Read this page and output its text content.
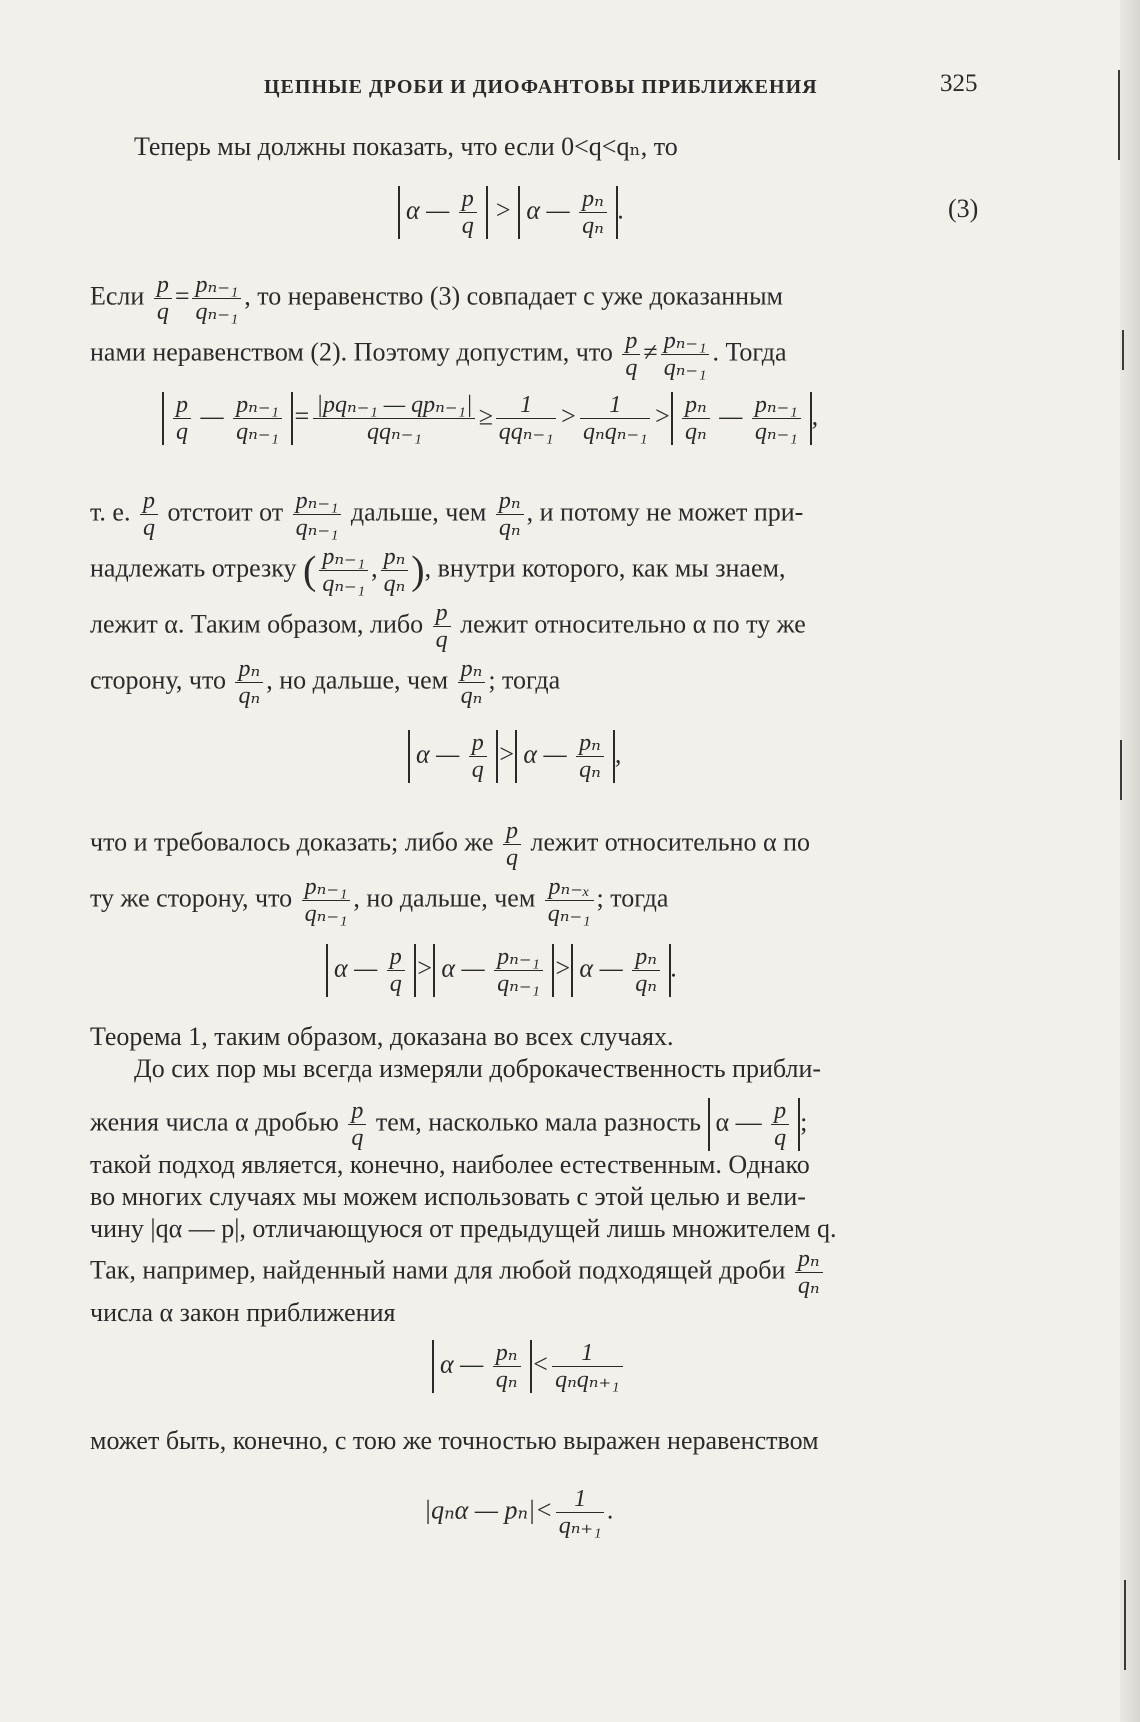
ЦЕПНЫЕ ДРОБИ И ДИОФАНТОВЫ ПРИБЛИЖЕНИЯ	325
Теперь мы должны показать, что если 0<q<qₙ, то
α — $\frac{p}{q} > \alpha$ — $\frac{\text{pₙ}}{\text{qₙ}}$ .	(3)
Если $\frac{p}{q} = \frac{\text{pₙ₋₁}}{\text{qₙ₋₁}}$ , то неравенство (3) совпадает с уже доказанным
нами неравенством (2). Поэтому допустим, что $\frac{p}{q} \ne \frac{\text{pₙ₋₁}}{\text{qₙ₋₁}}$ . Тогда
$\frac{p}{q}$ — $\frac{\text{pₙ₋₁}}{\text{qₙ₋₁}} = \frac{\text{|pqₙ₋₁ — qpₙ₋₁|}}{\text{qqₙ₋₁}} \ge \frac{1}{\text{qqₙ₋₁}} > \frac{1}{\text{qₙqₙ₋₁}} > \frac{\text{pₙ}}{\text{qₙ}}$ — $\frac{\text{pₙ₋₁}}{\text{qₙ₋₁}}$ ,
т. е. $\frac{p}{q}$ отстоит от $\frac{\text{pₙ₋₁}}{\text{qₙ₋₁}}$ дальше, чем $\frac{\text{pₙ}}{\text{qₙ}}$ , и потому не может при-
надлежать отрезку ( $\frac{\text{pₙ₋₁}}{\text{qₙ₋₁}}$ , $\frac{\text{pₙ}}{\text{qₙ}}$ ), внутри которого, как мы знаем,
лежит α. Таким образом, либо $\frac{p}{q}$ лежит относительно α по ту же
сторону, что $\frac{\text{pₙ}}{\text{qₙ}}$ , но дальше, чем $\frac{\text{pₙ}}{\text{qₙ}}$ ; тогда
α — $\frac{p}{q} > \alpha$ — $\frac{\text{pₙ}}{\text{qₙ}}$ ,
что и требовалось доказать; либо же $\frac{p}{q}$ лежит относительно α по
ту же сторону, что $\frac{\text{pₙ₋₁}}{\text{qₙ₋₁}}$ , но дальше, чем $\frac{\text{pₙ₋ₓ}}{\text{qₙ₋₁}}$ ; тогда
α — $\frac{p}{q} > \alpha$ — $\frac{\text{pₙ₋₁}}{\text{qₙ₋₁}} > \alpha$ — $\frac{\text{pₙ}}{\text{qₙ}}$ .
Теорема 1, таким образом, доказана во всех случаях.
До сих пор мы всегда измеряли доброкачественность прибли-
жения числа α дробью $\frac{p}{q}$ тем, насколько мала разность α — $\frac{p}{q}$ ;
такой подход является, конечно, наиболее естественным. Однако
во многих случаях мы можем использовать с этой целью и вели-
чину |qα — p|, отличающуюся от предыдущей лишь множителем q.
Так, например, найденный нами для любой подходящей дроби $\frac{\text{pₙ}}{\text{qₙ}}$
числа α закон приближения
α — $\frac{\text{pₙ}}{\text{qₙ}} < \frac{1}{\text{qₙqₙ₊₁}}$
может быть, конечно, с тою же точностью выражен неравенством
|qₙα — $p_n|< \frac{1}{\text{qₙ₊₁}}$ .
